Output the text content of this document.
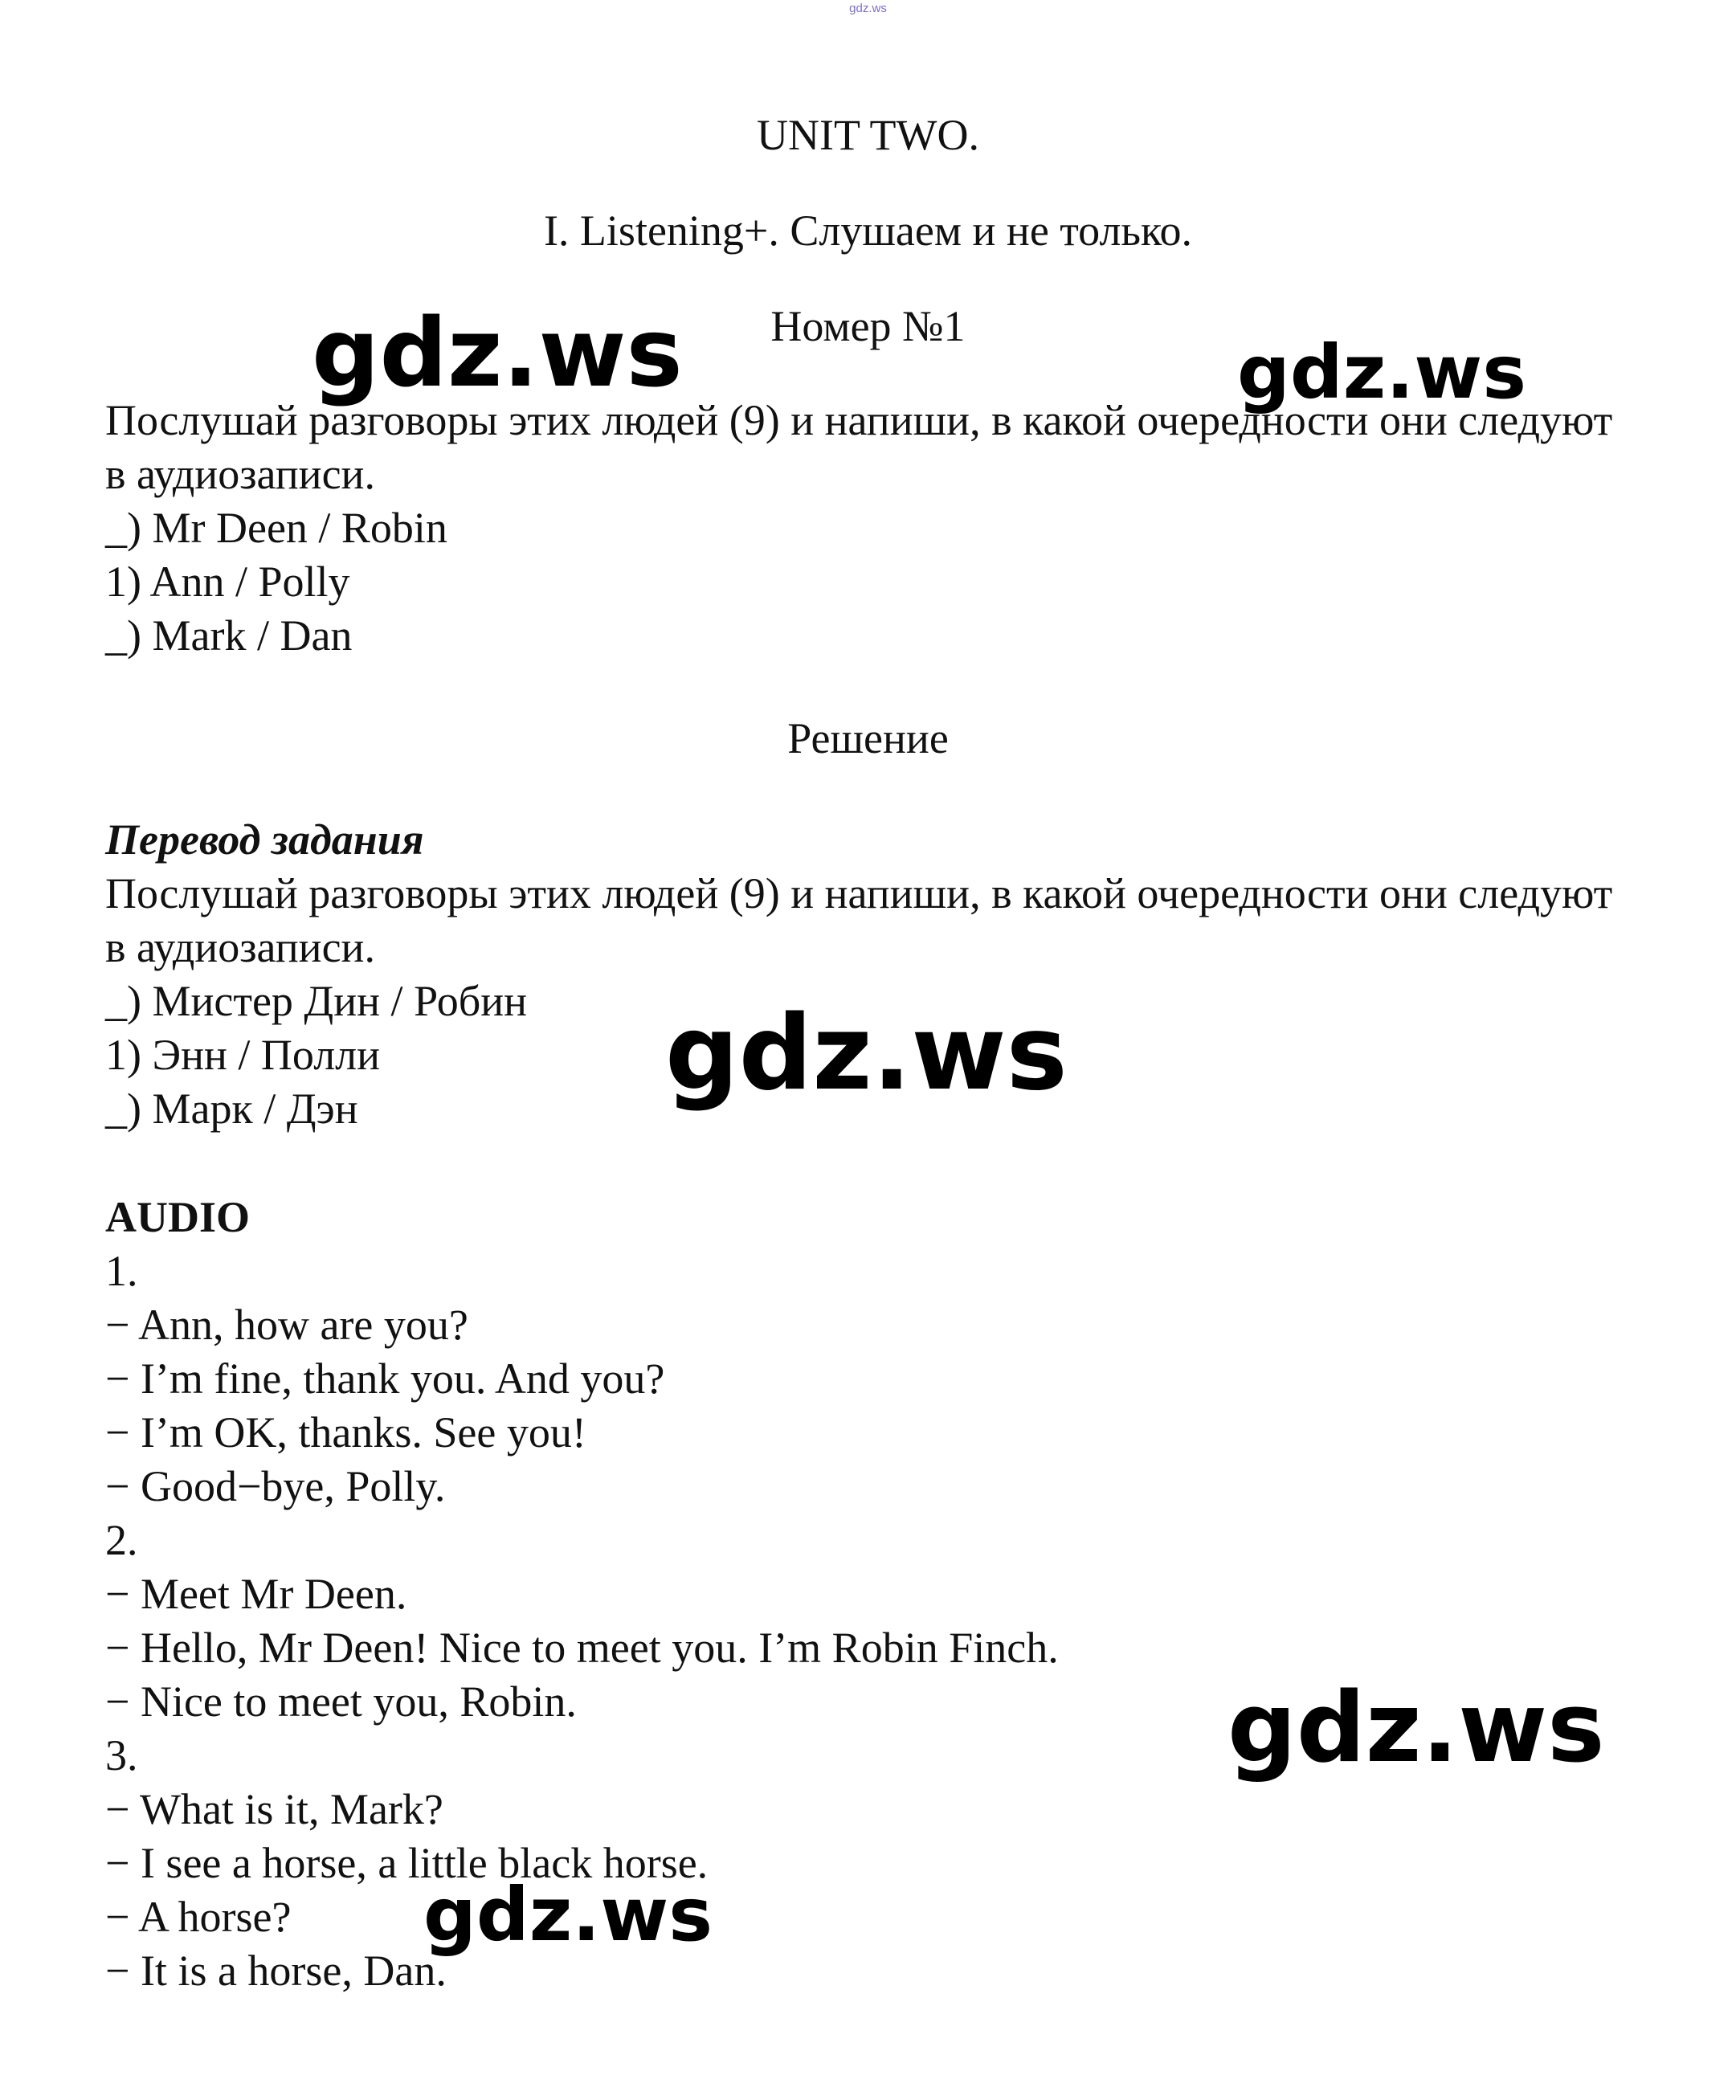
gdz.ws
UNIT TWO.
I. Listening+. Слушаем и не только.
Номер №1
Послушай разговоры этих людей (9) и напиши, в какой очередности они следуют в аудиозаписи.
_) Mr Deen / Robin
1) Ann / Polly
_) Mark / Dan
Решение
Перевод задания
Послушай разговоры этих людей (9) и напиши, в какой очередности они следуют в аудиозаписи.
_) Мистер Дин / Робин
1) Энн / Полли
_) Марк / Дэн
AUDIO
1.
− Ann, how are you?
− I’m fine, thank you. And you?
− I’m OK, thanks. See you!
− Good−bye, Polly.
2.
− Meet Mr Deen.
− Hello, Mr Deen! Nice to meet you. I’m Robin Finch.
− Nice to meet you, Robin.
3.
− What is it, Mark?
− I see a horse, a little black horse.
− A horse?
− It is a horse, Dan.
gdz.ws	gdz.ws
gdz.ws
gdz.ws
gdz.ws
